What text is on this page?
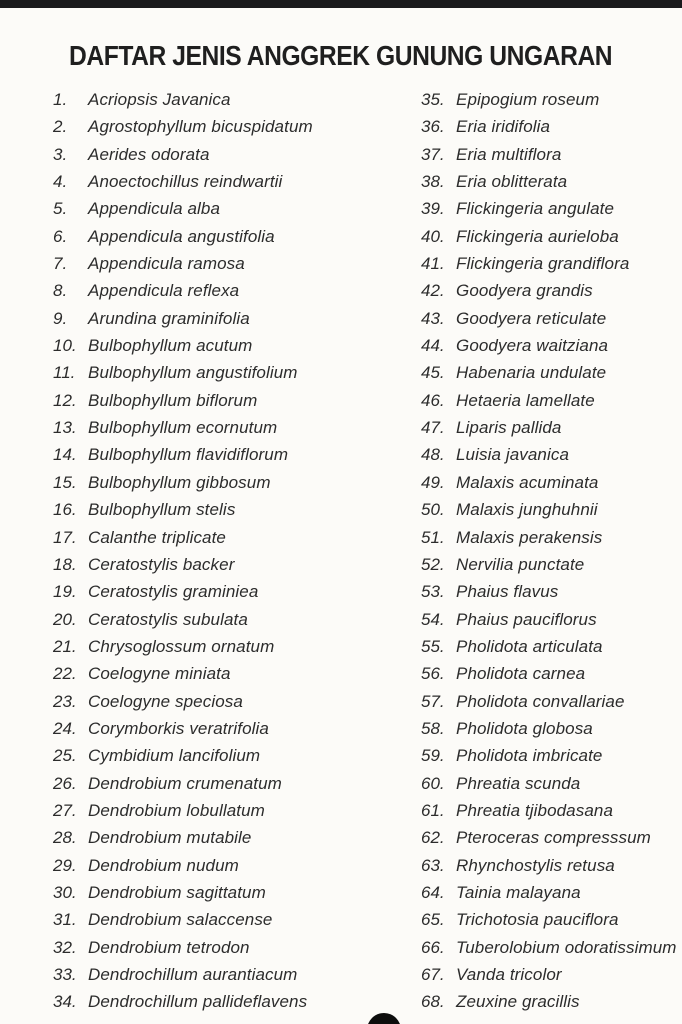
DAFTAR JENIS ANGGREK GUNUNG UNGARAN
1.	Acriopsis Javanica
2.	Agrostophyllum bicuspidatum
3.	Aerides odorata
4.	Anoectochillus reindwartii
5.	Appendicula alba
6.	Appendicula angustifolia
7.	Appendicula ramosa
8.	Appendicula reflexa
9.	Arundina graminifolia
10. Bulbophyllum acutum
11. Bulbophyllum angustifolium
12. Bulbophyllum biflorum
13. Bulbophyllum ecornutum
14. Bulbophyllum flavidiflorum
15. Bulbophyllum gibbosum
16. Bulbophyllum stelis
17. Calanthe triplicate
18. Ceratostylis backer
19. Ceratostylis graminiea
20. Ceratostylis subulata
21. Chrysoglossum ornatum
22. Coelogyne miniata
23. Coelogyne speciosa
24. Corymborkis veratrifolia
25. Cymbidium lancifolium
26. Dendrobium crumenatum
27. Dendrobium lobullatum
28. Dendrobium mutabile
29. Dendrobium nudum
30. Dendrobium sagittatum
31. Dendrobium salaccense
32. Dendrobium tetrodon
33. Dendrochillum aurantiacum
34. Dendrochillum pallideflavens
35. Epipogium roseum
36. Eria iridifolia
37. Eria multiflora
38. Eria oblitterata
39. Flickingeria angulate
40. Flickingeria aurieloba
41. Flickingeria grandiflora
42. Goodyera grandis
43. Goodyera reticulate
44. Goodyera waitziana
45. Habenaria undulate
46. Hetaeria lamellate
47. Liparis pallida
48. Luisia javanica
49. Malaxis acuminata
50. Malaxis junghuhnii
51. Malaxis perakensis
52. Nervilia punctate
53. Phaius flavus
54. Phaius pauciflorus
55. Pholidota articulata
56. Pholidota carnea
57. Pholidota convallariae
58. Pholidota globosa
59. Pholidota imbricate
60. Phreatia scunda
61. Phreatia tjibodasana
62. Pteroceras compresssum
63. Rhynchostylis retusa
64. Tainia malayana
65. Trichotosia pauciflora
66. Tuberolobium odoratissimum
67. Vanda tricolor
68. Zeuxine gracillis
